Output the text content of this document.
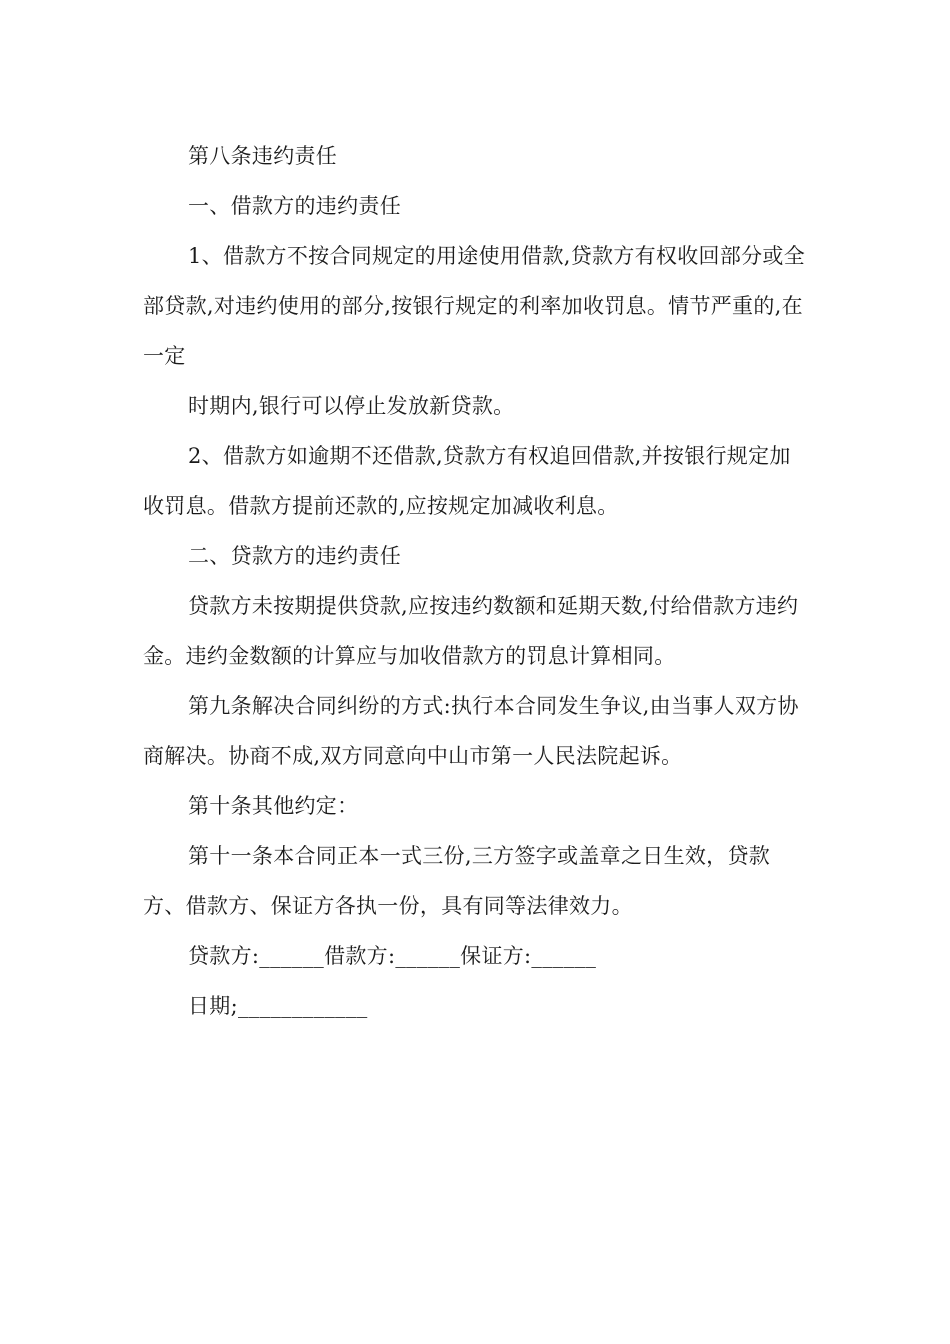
第八条违约责任

一、借款方的违约责任

1、借款方不按合同规定的用途使用借款,贷款方有权收回部分或全部贷款,对违约使用的部分,按银行规定的利率加收罚息。情节严重的,在一定

时期内,银行可以停止发放新贷款。

2、借款方如逾期不还借款,贷款方有权追回借款,并按银行规定加收罚息。借款方提前还款的,应按规定加减收利息。

二、贷款方的违约责任

贷款方未按期提供贷款,应按违约数额和延期天数,付给借款方违约金。违约金数额的计算应与加收借款方的罚息计算相同。

第九条解决合同纠纷的方式:执行本合同发生争议,由当事人双方协商解决。协商不成,双方同意向中山市第一人民法院起诉。

第十条其他约定：

第十一条本合同正本一式三份,三方签字或盖章之日生效，贷款方、借款方、保证方各执一份，具有同等法律效力。

贷款方:______借款方:______保证方:______

日期;____________
